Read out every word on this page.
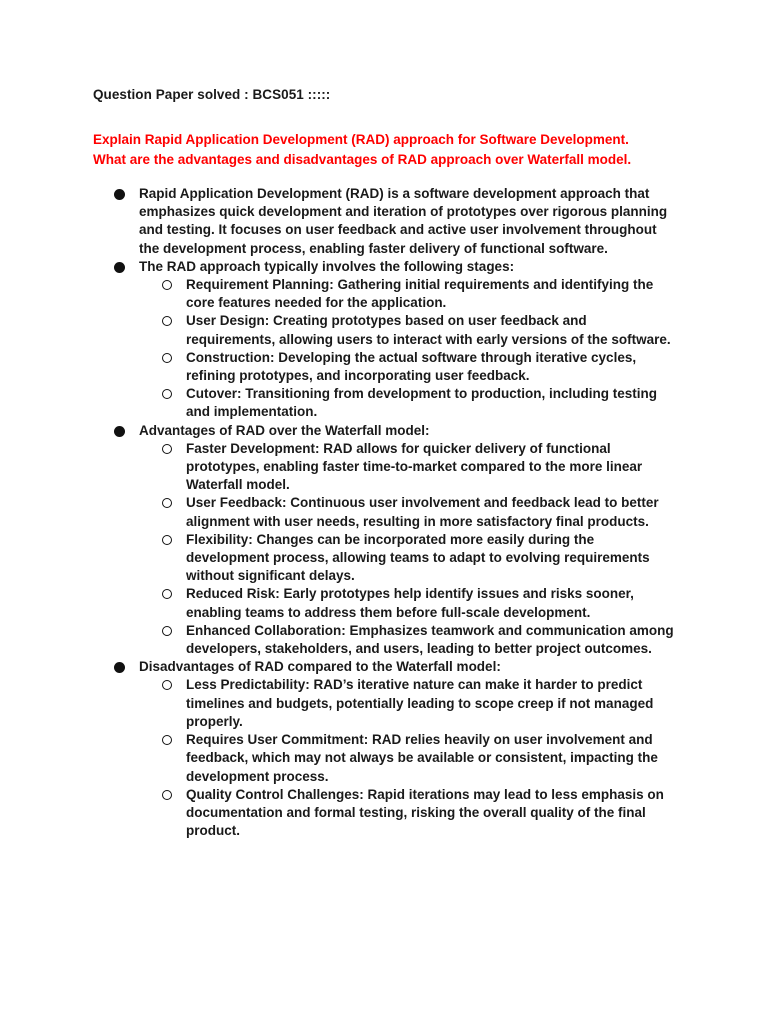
Question Paper solved : BCS051 :::::
Explain Rapid Application Development (RAD) approach for Software Development.
What are the advantages and disadvantages of RAD approach over Waterfall model.
Rapid Application Development (RAD) is a software development approach that emphasizes quick development and iteration of prototypes over rigorous planning and testing. It focuses on user feedback and active user involvement throughout the development process, enabling faster delivery of functional software.
The RAD approach typically involves the following stages:
Requirement Planning: Gathering initial requirements and identifying the core features needed for the application.
User Design: Creating prototypes based on user feedback and requirements, allowing users to interact with early versions of the software.
Construction: Developing the actual software through iterative cycles, refining prototypes, and incorporating user feedback.
Cutover: Transitioning from development to production, including testing and implementation.
Advantages of RAD over the Waterfall model:
Faster Development: RAD allows for quicker delivery of functional prototypes, enabling faster time-to-market compared to the more linear Waterfall model.
User Feedback: Continuous user involvement and feedback lead to better alignment with user needs, resulting in more satisfactory final products.
Flexibility: Changes can be incorporated more easily during the development process, allowing teams to adapt to evolving requirements without significant delays.
Reduced Risk: Early prototypes help identify issues and risks sooner, enabling teams to address them before full-scale development.
Enhanced Collaboration: Emphasizes teamwork and communication among developers, stakeholders, and users, leading to better project outcomes.
Disadvantages of RAD compared to the Waterfall model:
Less Predictability: RAD’s iterative nature can make it harder to predict timelines and budgets, potentially leading to scope creep if not managed properly.
Requires User Commitment: RAD relies heavily on user involvement and feedback, which may not always be available or consistent, impacting the development process.
Quality Control Challenges: Rapid iterations may lead to less emphasis on documentation and formal testing, risking the overall quality of the final product.
